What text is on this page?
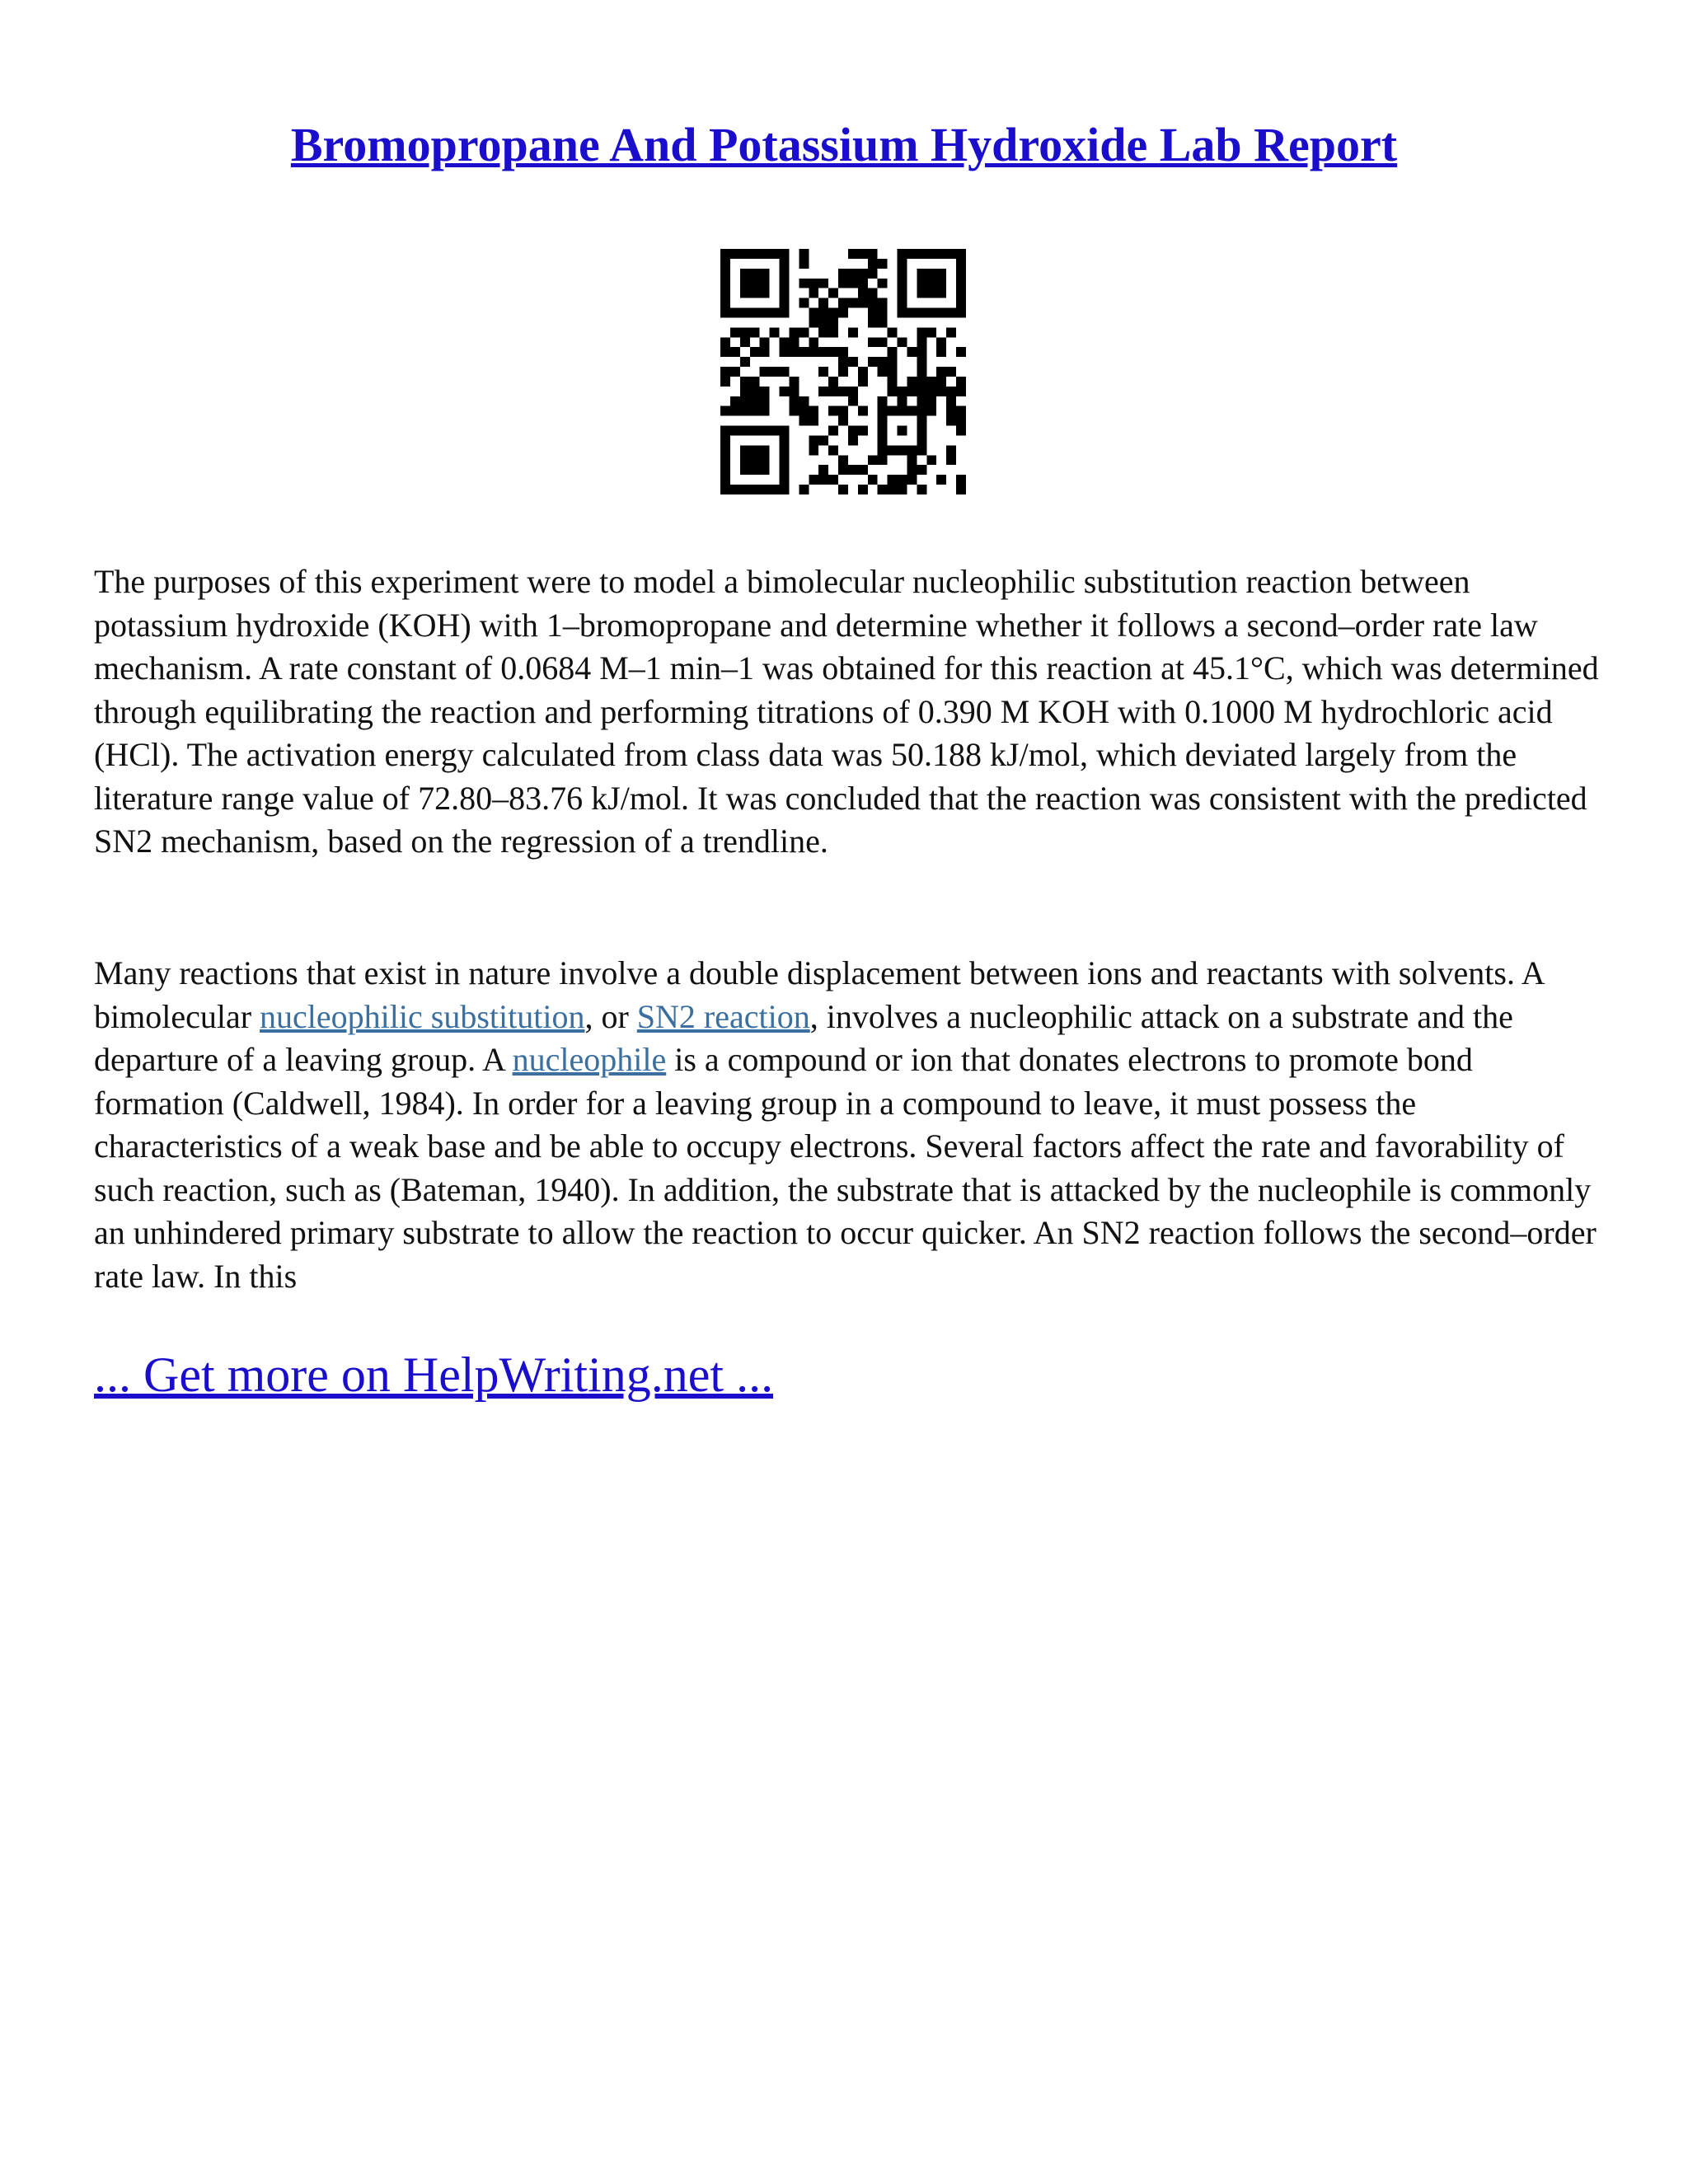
Bromopropane And Potassium Hydroxide Lab Report

The purposes of this experiment were to model a bimolecular nucleophilic substitution reaction between potassium hydroxide (KOH) with 1–bromopropane and determine whether it follows a second–order rate law mechanism. A rate constant of 0.0684 M–1 min–1 was obtained for this reaction at 45.1°C, which was determined through equilibrating the reaction and performing titrations of 0.390 M KOH with 0.1000 M hydrochloric acid (HCl). The activation energy calculated from class data was 50.188 kJ/mol, which deviated largely from the literature range value of 72.80–83.76 kJ/mol. It was concluded that the reaction was consistent with the predicted SN2 mechanism, based on the regression of a trendline.

Many reactions that exist in nature involve a double displacement between ions and reactants with solvents. A bimolecular nucleophilic substitution, or SN2 reaction, involves a nucleophilic attack on a substrate and the departure of a leaving group. A nucleophile is a compound or ion that donates electrons to promote bond formation (Caldwell, 1984). In order for a leaving group in a compound to leave, it must possess the characteristics of a weak base and be able to occupy electrons. Several factors affect the rate and favorability of such reaction, such as (Bateman, 1940). In addition, the substrate that is attacked by the nucleophile is commonly an unhindered primary substrate to allow the reaction to occur quicker. An SN2 reaction follows the second–order rate law. In this

... Get more on HelpWriting.net ...
